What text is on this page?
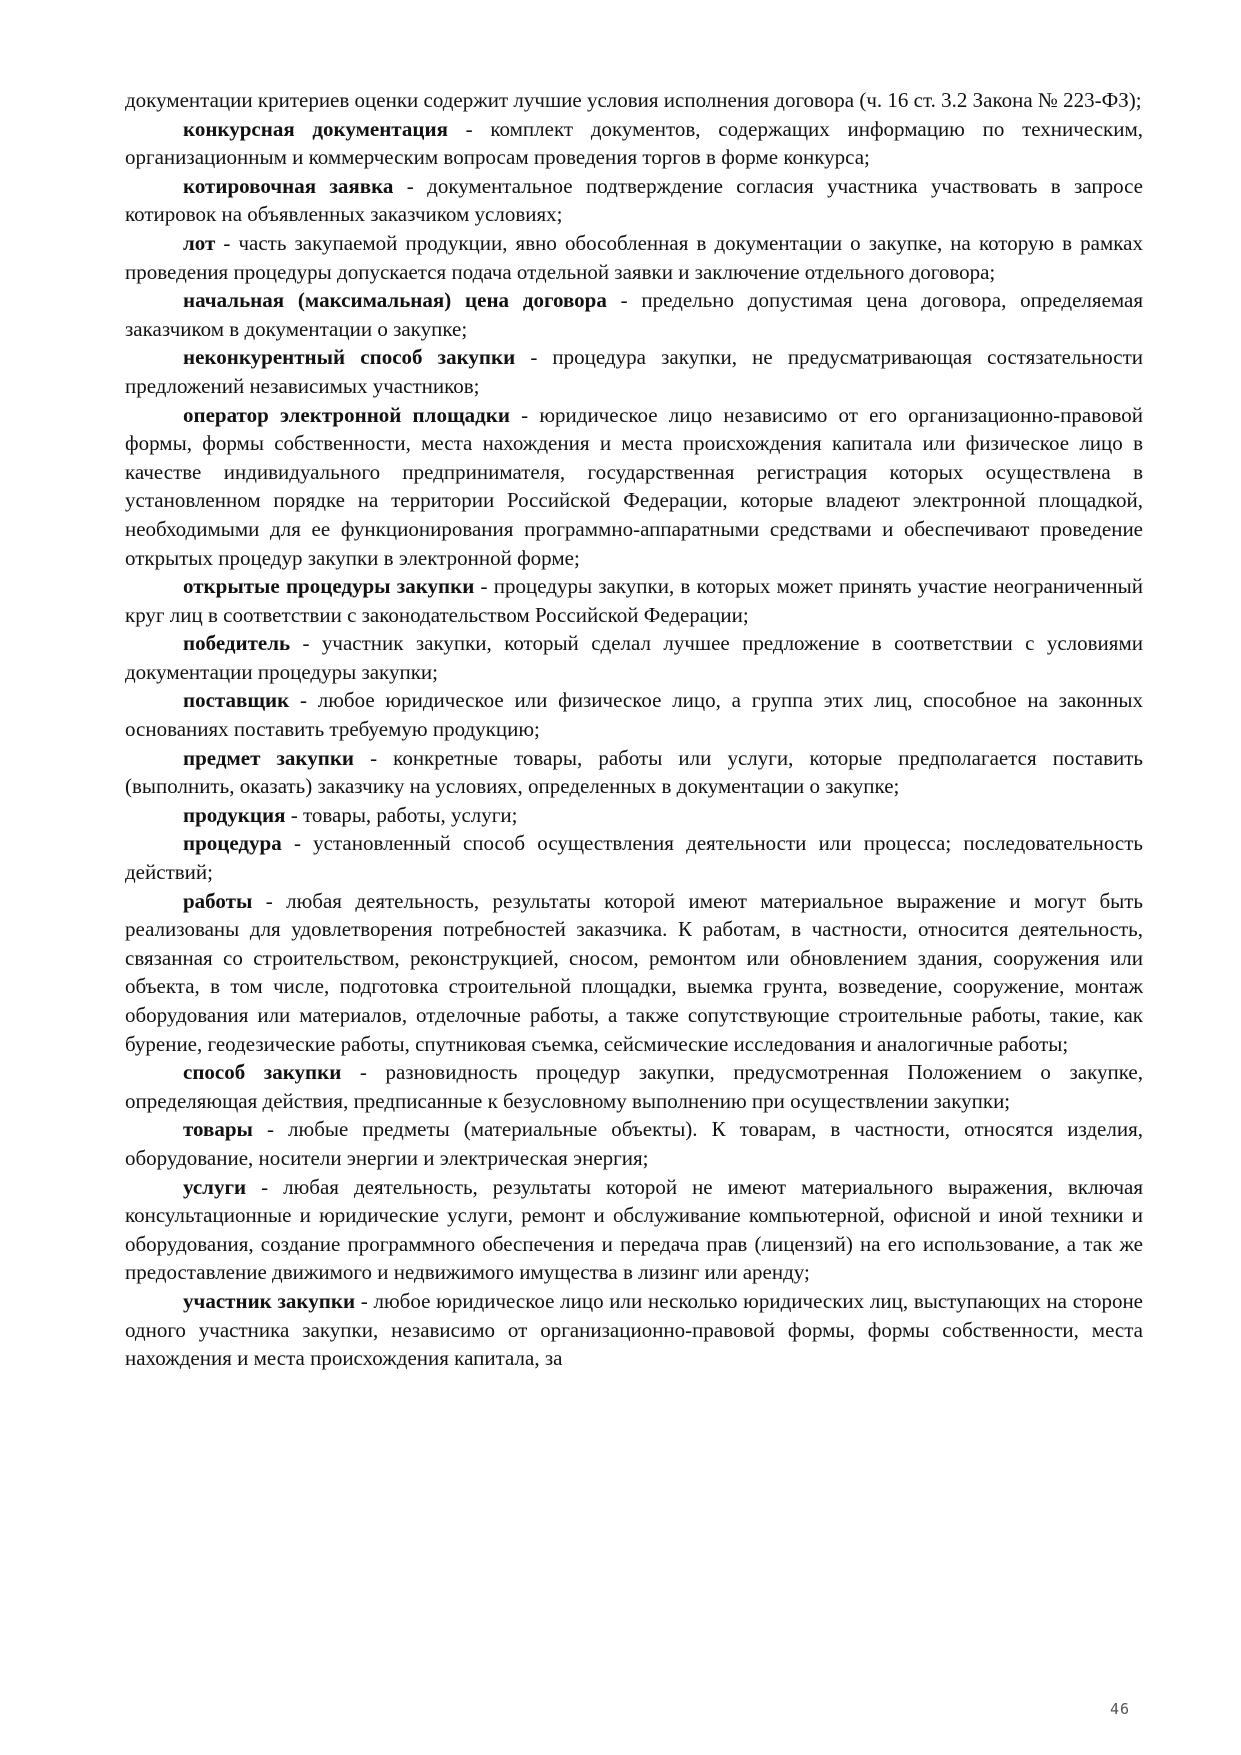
документации критериев оценки содержит лучшие условия исполнения договора (ч. 16 ст. 3.2 Закона № 223-ФЗ);

конкурсная документация - комплект документов, содержащих информацию по техническим, организационным и коммерческим вопросам проведения торгов в форме конкурса;

котировочная заявка - документальное подтверждение согласия участника участвовать в запросе котировок на объявленных заказчиком условиях;

лот - часть закупаемой продукции, явно обособленная в документации о закупке, на которую в рамках проведения процедуры допускается подача отдельной заявки и заключение отдельного договора;

начальная (максимальная) цена договора - предельно допустимая цена договора, определяемая заказчиком в документации о закупке;

неконкурентный способ закупки - процедура закупки, не предусматривающая состязательности предложений независимых участников;

оператор электронной площадки - юридическое лицо независимо от его организационно-правовой формы, формы собственности, места нахождения и места происхождения капитала или физическое лицо в качестве индивидуального предпринимателя, государственная регистрация которых осуществлена в установленном порядке на территории Российской Федерации, которые владеют электронной площадкой, необходимыми для ее функционирования программно-аппаратными средствами и обеспечивают проведение открытых процедур закупки в электронной форме;

открытые процедуры закупки - процедуры закупки, в которых может принять участие неограниченный круг лиц в соответствии с законодательством Российской Федерации;

победитель - участник закупки, который сделал лучшее предложение в соответствии с условиями документации процедуры закупки;

поставщик - любое юридическое или физическое лицо, а группа этих лиц, способное на законных основаниях поставить требуемую продукцию;

предмет закупки - конкретные товары, работы или услуги, которые предполагается поставить (выполнить, оказать) заказчику на условиях, определенных в документации о закупке;

продукция - товары, работы, услуги;

процедура - установленный способ осуществления деятельности или процесса; последовательность действий;

работы - любая деятельность, результаты которой имеют материальное выражение и могут быть реализованы для удовлетворения потребностей заказчика. К работам, в частности, относится деятельность, связанная со строительством, реконструкцией, сносом, ремонтом или обновлением здания, сооружения или объекта, в том числе, подготовка строительной площадки, выемка грунта, возведение, сооружение, монтаж оборудования или материалов, отделочные работы, а также сопутствующие строительные работы, такие, как бурение, геодезические работы, спутниковая съемка, сейсмические исследования и аналогичные работы;

способ закупки - разновидность процедур закупки, предусмотренная Положением о закупке, определяющая действия, предписанные к безусловному выполнению при осуществлении закупки;

товары - любые предметы (материальные объекты). К товарам, в частности, относятся изделия, оборудование, носители энергии и электрическая энергия;

услуги - любая деятельность, результаты которой не имеют материального выражения, включая консультационные и юридические услуги, ремонт и обслуживание компьютерной, офисной и иной техники и оборудования, создание программного обеспечения и передача прав (лицензий) на его использование, а так же предоставление движимого и недвижимого имущества в лизинг или аренду;

участник закупки - любое юридическое лицо или несколько юридических лиц, выступающих на стороне одного участника закупки, независимо от организационно-правовой формы, формы собственности, места нахождения и места происхождения капитала, за

46
